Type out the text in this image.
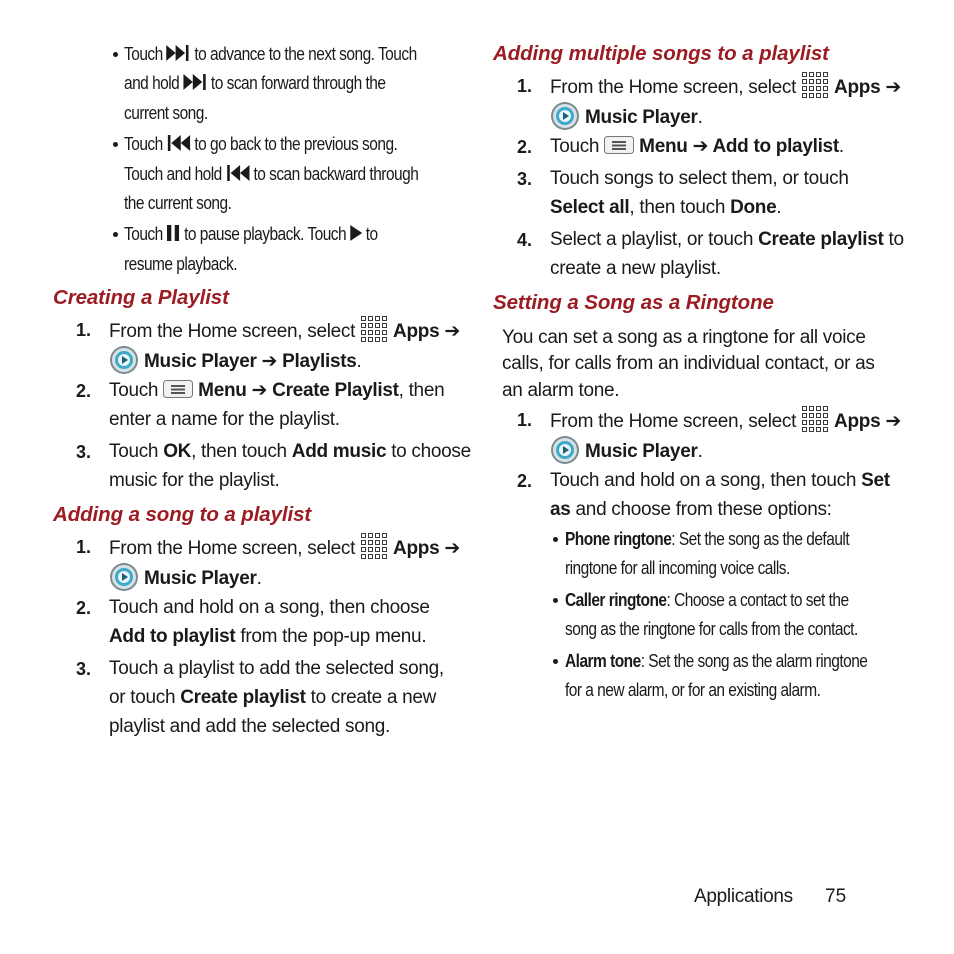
Touch to advance to the next song. Touch
and hold to scan forward through the
current song.
Touch to go back to the previous song.
Touch and hold to scan backward through
the current song.
Touch to pause playback. Touch to
resume playback.
Creating a Playlist
1. From the Home screen, select Apps ➔
Music Player ➔ Playlists.
2. Touch Menu ➔ Create Playlist, then
enter a name for the playlist.
3. Touch OK, then touch Add music to choose
music for the playlist.
Adding a song to a playlist
1. From the Home screen, select Apps ➔
Music Player.
2. Touch and hold on a song, then choose
Add to playlist from the pop-up menu.
3. Touch a playlist to add the selected song,
or touch Create playlist to create a new
playlist and add the selected song.
Adding multiple songs to a playlist
1. From the Home screen, select Apps ➔
Music Player.
2. Touch Menu ➔ Add to playlist.
3. Touch songs to select them, or touch
Select all, then touch Done.
4. Select a playlist, or touch Create playlist to
create a new playlist.
Setting a Song as a Ringtone
You can set a song as a ringtone for all voice
calls, for calls from an individual contact, or as
an alarm tone.
1. From the Home screen, select Apps ➔
Music Player.
2. Touch and hold on a song, then touch Set
as and choose from these options:
Phone ringtone: Set the song as the default
ringtone for all incoming voice calls.
Caller ringtone: Choose a contact to set the
song as the ringtone for calls from the contact.
Alarm tone: Set the song as the alarm ringtone
for a new alarm, or for an existing alarm.
Applications 75
